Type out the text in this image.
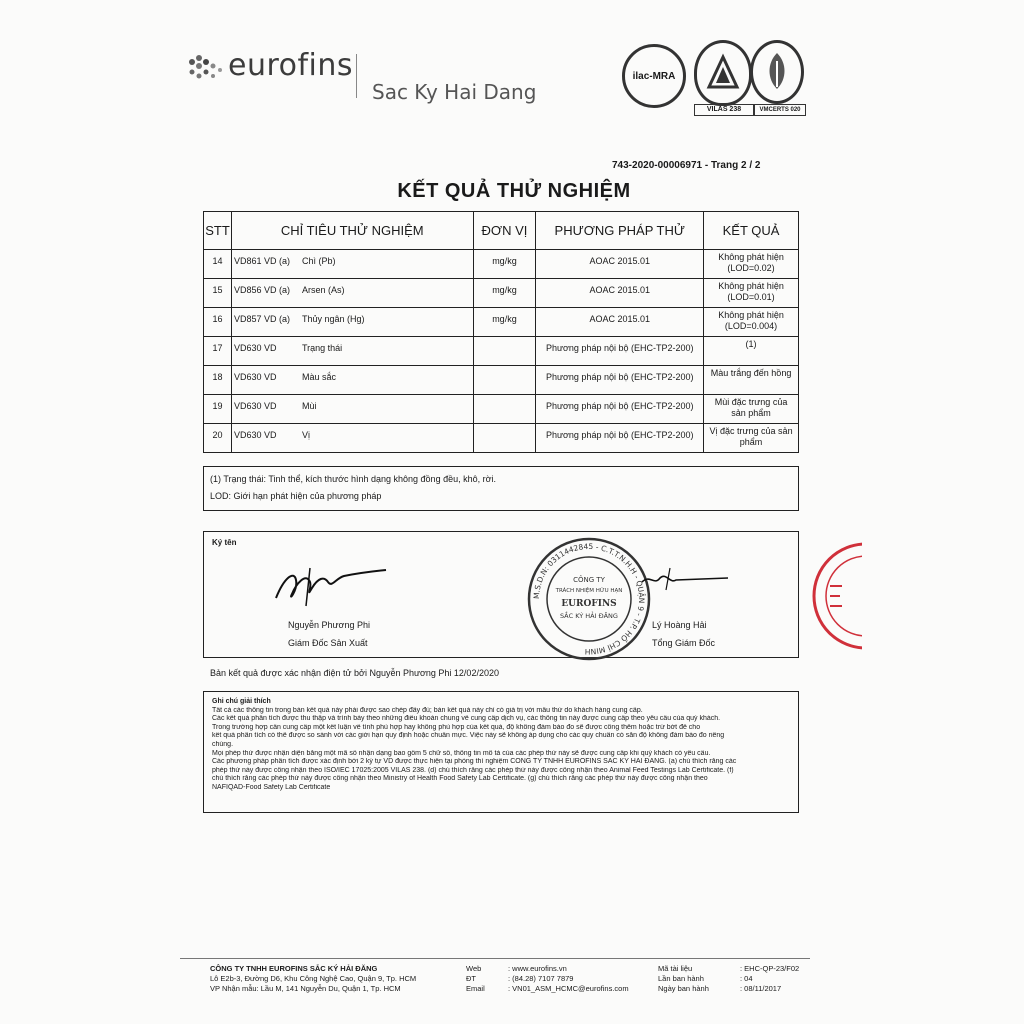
eurofins
Sac Ky Hai Dang
ilac-MRA
VILAS 238	VMCERTS 020
743-2020-00006971 - Trang 2 / 2
KẾT QUẢ THỬ NGHIỆM
STT	CHỈ TIÊU THỬ NGHIỆM	ĐƠN VỊ	PHƯƠNG PHÁP THỬ	KẾT QUẢ
14	VD861 VD (a) Chì (Pb)	mg/kg	AOAC 2015.01	Không phát hiện
(LOD=0.02)

15	VD856 VD (a) Arsen (As)	mg/kg	AOAC 2015.01	Không phát hiện
(LOD=0.01)

16	VD857 VD (a) Thủy ngân (Hg)	mg/kg	AOAC 2015.01	Không phát hiện
(LOD=0.004)

17	VD630 VD Trạng thái		Phương pháp nội bộ (EHC-TP2-200)	(1)

18	VD630 VD Màu sắc		Phương pháp nội bộ (EHC-TP2-200)	Màu trắng đến hồng

19	VD630 VD Mùi		Phương pháp nội bộ (EHC-TP2-200)	Mùi đặc trưng của
sản phẩm

20	VD630 VD Vị		Phương pháp nội bộ (EHC-TP2-200)	Vị đặc trưng của sản
phẩm
(1) Trạng thái: Tinh thể, kích thước hình dạng không đồng đều, khô, rời.
LOD: Giới hạn phát hiện của phương pháp
Ký tên
M.S.D.N: 0311442845 - C.T.T.N.H.H - QUẬN 9 - T.P. HỒ CHÍ MINH
CÔNG TY
TRÁCH NHIỆM HỮU HẠN
EUROFINS
SẮC KÝ HẢI ĐĂNG
Nguyễn Phương Phi
Giám Đốc Sản Xuất
Lý Hoàng Hải
Tổng Giám Đốc
Bản kết quả được xác nhận điện tử bởi Nguyễn Phương Phi 12/02/2020
Ghi chú giải thích
Tất cả các thông tin trong bản kết quả này phải được sao chép đầy đủ; bản kết quả này chỉ có giá trị với mẫu thử do khách hàng cung cấp.
Các kết quả phân tích được thu thập và trình bày theo những điều khoản chung về cung cấp dịch vụ, các thông tin này được cung cấp theo yêu cầu của quý khách.
Trong trường hợp cần cung cấp một kết luận về tính phù hợp hay không phù hợp của kết quả, độ không đảm bảo đo sẽ được công thêm hoặc trừ bớt để cho
kết quả phân tích có thể được so sánh với các giới hạn quy định hoặc chuẩn mực. Việc này sẽ không áp dụng cho các quy chuẩn có sẵn độ không đảm bảo đo riêng
chúng.
Mọi phép thử được nhận diện bằng một mã số nhận dạng bao gồm 5 chữ số, thông tin mô tả của các phép thử này sẽ được cung cấp khi quý khách có yêu cầu.
Các phương pháp phân tích được xác định bởi 2 ký tự VD được thực hiện tại phòng thí nghiệm CÔNG TY TNHH EUROFINS SẮC KÝ HẢI ĐĂNG. (a) chú thích rằng các
phép thử này được công nhận theo ISO/IEC 17025:2005 VILAS 238. (d) chú thích rằng các phép thử này được công nhận theo Animal Feed Testings Lab Certificate. (f)
chú thích rằng các phép thử này được công nhận theo Ministry of Health Food Safety Lab Certificate. (g) chú thích rằng các phép thử này được công nhận theo
NAFIQAD-Food Safety Lab Certificate
CÔNG TY TNHH EUROFINS SẮC KÝ HẢI ĐĂNG
Lô E2b-3, Đường D6, Khu Công Nghệ Cao, Quận 9, Tp. HCM
VP Nhận mẫu: Lầu M, 141 Nguyễn Du, Quận 1, Tp. HCM
Web
ĐT
Email
: www.eurofins.vn
: (84.28) 7107 7879
: VN01_ASM_HCMC@eurofins.com
Mã tài liệu
Lần ban hành
Ngày ban hành
: EHC-QP-23/F02
: 04
: 08/11/2017
